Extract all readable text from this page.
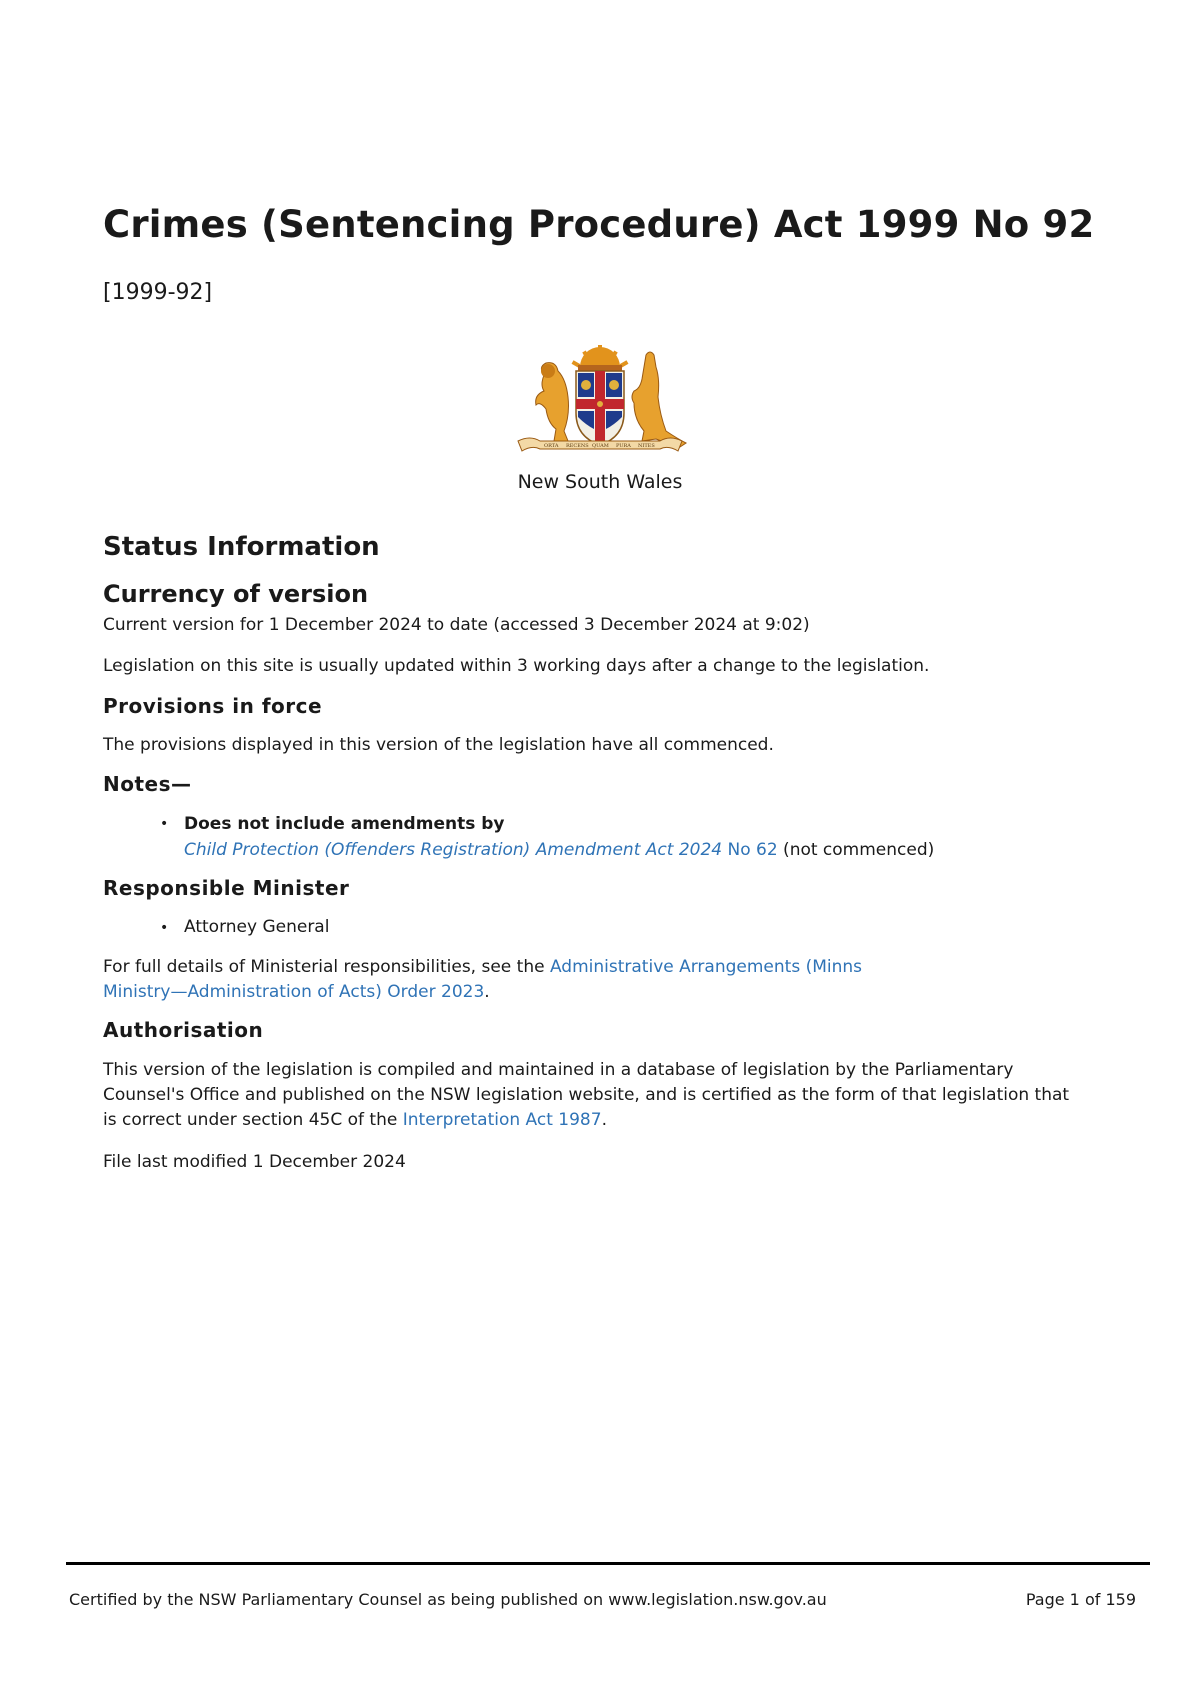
Crimes (Sentencing Procedure) Act 1999 No 92

[1999-92]

ORTA RECENS QUAM PURA NITES
New South Wales
Status Information
Currency of version

Current version for 1 December 2024 to date (accessed 3 December 2024 at 9:02)

Legislation on this site is usually updated within 3 working days after a change to the legislation.

Provisions in force

The provisions displayed in this version of the legislation have all commenced.

Notes—
• Does not include amendments by
Child Protection (Offenders Registration) Amendment Act 2024 No 62 (not commenced)
Responsible Minister
• Attorney General

For full details of Ministerial responsibilities, see the Administrative Arrangements (Minns
Ministry—Administration of Acts) Order 2023.

Authorisation

This version of the legislation is compiled and maintained in a database of legislation by the Parliamentary
Counsel's Office and published on the NSW legislation website, and is certified as the form of that legislation that
is correct under section 45C of the Interpretation Act 1987.

File last modified 1 December 2024

Certified by the NSW Parliamentary Counsel as being published on www.legislation.nsw.gov.au	Page 1 of 159
